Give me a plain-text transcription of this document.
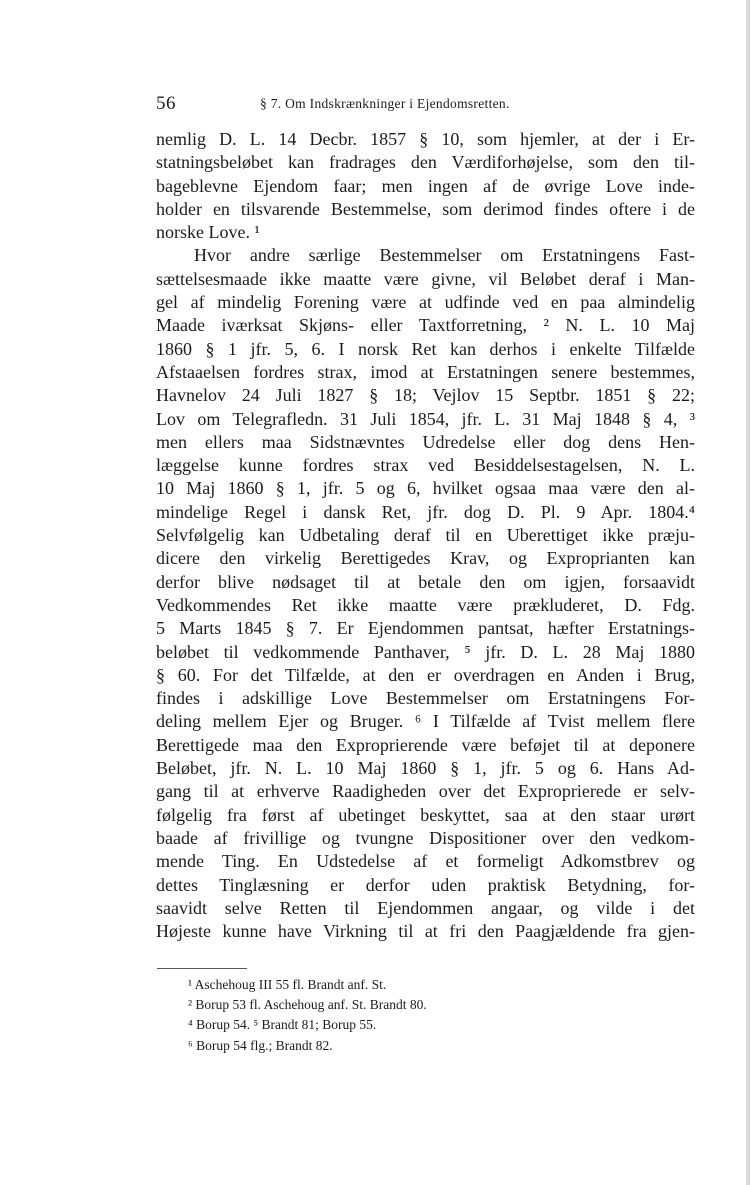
56	§ 7. Om Indskrænkninger i Ejendomsretten.
nemlig D. L. 14 Decbr. 1857 § 10, som hjemler, at der i Er-
statningsbeløbet kan fradrages den Værdiforhøjelse, som den til-
bageblevne Ejendom faar; men ingen af de øvrige Love inde-
holder en tilsvarende Bestemmelse, som derimod findes oftere i de
norske Love. ¹
Hvor andre særlige Bestemmelser om Erstatningens Fast-
sættelsesmaade ikke maatte være givne, vil Beløbet deraf i Man-
gel af mindelig Forening være at udfinde ved en paa almindelig
Maade iværksat Skjøns- eller Taxtforretning, ² N. L. 10 Maj
1860 § 1 jfr. 5, 6. I norsk Ret kan derhos i enkelte Tilfælde
Afstaaelsen fordres strax, imod at Erstatningen senere bestemmes,
Havnelov 24 Juli 1827 § 18; Vejlov 15 Septbr. 1851 § 22;
Lov om Telegrafledn. 31 Juli 1854, jfr. L. 31 Maj 1848 § 4, ³
men ellers maa Sidstnævntes Udredelse eller dog dens Hen-
læggelse kunne fordres strax ved Besiddelsestagelsen, N. L.
10 Maj 1860 § 1, jfr. 5 og 6, hvilket ogsaa maa være den al-
mindelige Regel i dansk Ret, jfr. dog D. Pl. 9 Apr. 1804.⁴
Selvfølgelig kan Udbetaling deraf til en Uberettiget ikke præju-
dicere den virkelig Berettigedes Krav, og Exproprianten kan
derfor blive nødsaget til at betale den om igjen, forsaavidt
Vedkommendes Ret ikke maatte være prækluderet, D. Fdg.
5 Marts 1845 § 7. Er Ejendommen pantsat, hæfter Erstatnings-
beløbet til vedkommende Panthaver, ⁵ jfr. D. L. 28 Maj 1880
§ 60. For det Tilfælde, at den er overdragen en Anden i Brug,
findes i adskillige Love Bestemmelser om Erstatningens For-
deling mellem Ejer og Bruger. ⁶ I Tilfælde af Tvist mellem flere
Berettigede maa den Exproprierende være beføjet til at deponere
Beløbet, jfr. N. L. 10 Maj 1860 § 1, jfr. 5 og 6. Hans Ad-
gang til at erhverve Raadigheden over det Exproprierede er selv-
følgelig fra først af ubetinget beskyttet, saa at den staar urørt
baade af frivillige og tvungne Dispositioner over den vedkom-
mende Ting. En Udstedelse af et formeligt Adkomstbrev og
dettes Tinglæsning er derfor uden praktisk Betydning, for-
saavidt selve Retten til Ejendommen angaar, og vilde i det
Højeste kunne have Virkning til at fri den Paagjældende fra gjen-
¹ Aschehoug III 55 fl. Brandt anf. St.
² Borup 53 fl. Aschehoug anf. St. Brandt 80.
⁴ Borup 54. ⁵ Brandt 81; Borup 55.
⁶ Borup 54 flg.; Brandt 82.
